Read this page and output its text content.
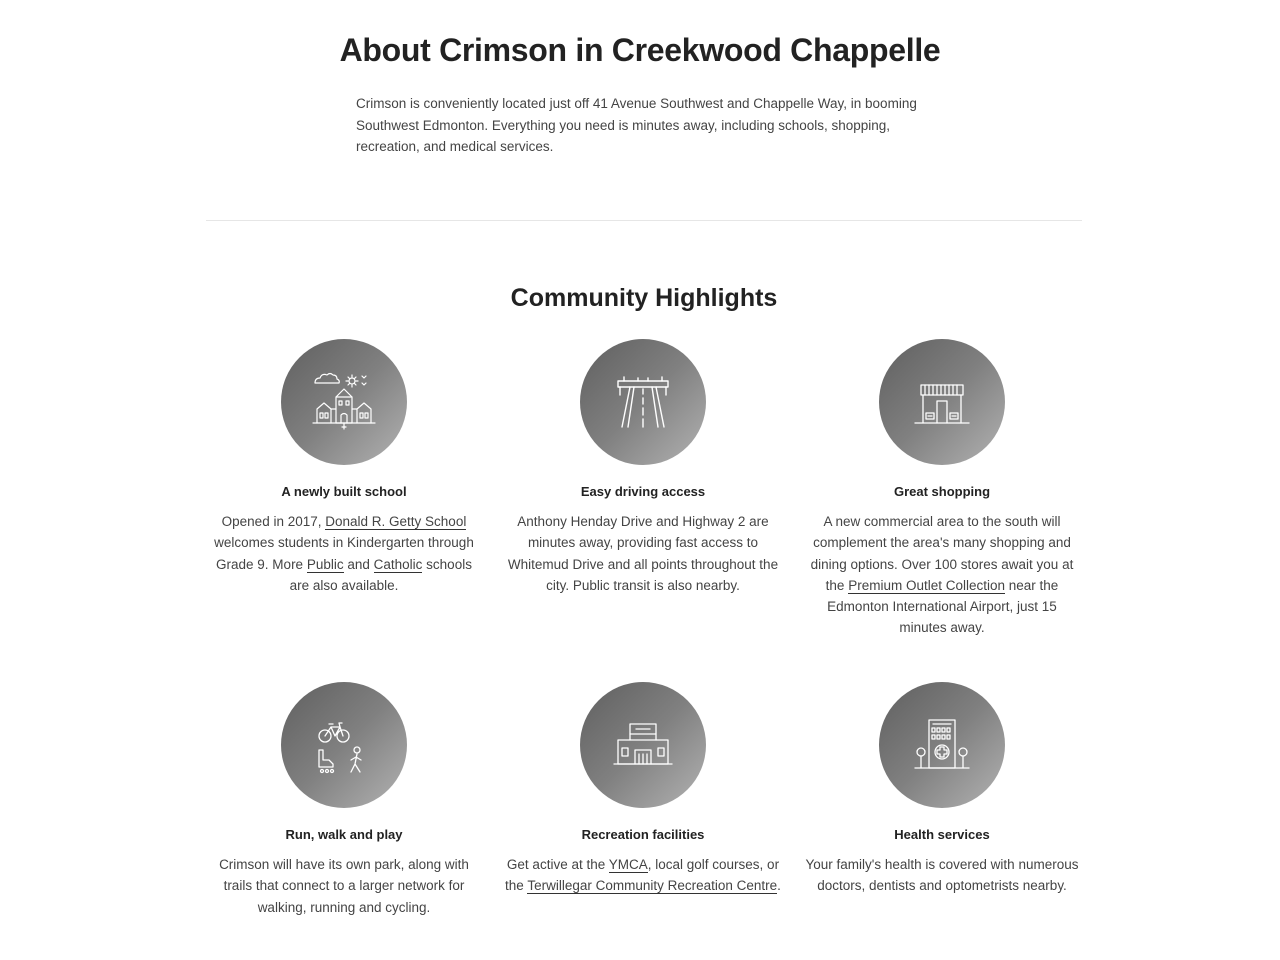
About Crimson in Creekwood Chappelle

Crimson is conveniently located just off 41 Avenue Southwest and Chappelle Way, in booming Southwest Edmonton. Everything you need is minutes away, including schools, shopping, recreation, and medical services.

Community Highlights
A newly built school
Opened in 2017, Donald R. Getty School welcomes students in Kindergarten through Grade 9. More Public and Catholic schools are also available.
Easy driving access
Anthony Henday Drive and Highway 2 are minutes away, providing fast access to Whitemud Drive and all points throughout the city. Public transit is also nearby.
Great shopping
A new commercial area to the south will complement the area's many shopping and dining options. Over 100 stores await you at the Premium Outlet Collection near the Edmonton International Airport, just 15 minutes away.
Run, walk and play
Crimson will have its own park, along with trails that connect to a larger network for walking, running and cycling.
Recreation facilities
Get active at the YMCA, local golf courses, or the Terwillegar Community Recreation Centre.
Health services
Your family's health is covered with numerous doctors, dentists and optometrists nearby.
